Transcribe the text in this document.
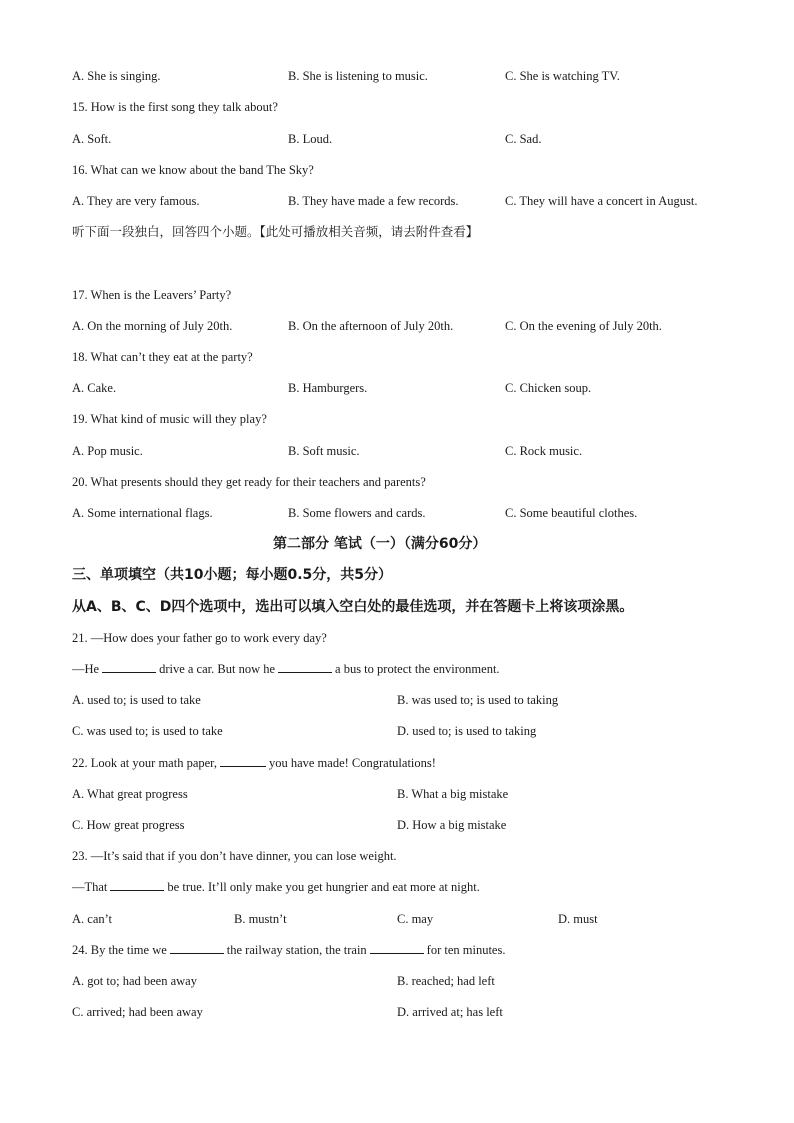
A. She is singing.	B. She is listening to music.	C. She is watching TV.
15. How is the first song they talk about?
A. Soft.	B. Loud.	C. Sad.
16. What can we know about the band The Sky?
A. They are very famous.	B. They have made a few records.	C. They will have a concert in August.
听下面一段独白，回答四个小题。【此处可播放相关音频，请去附件查看】
17. When is the Leavers’ Party?
A. On the morning of July 20th.	B. On the afternoon of July 20th.	C. On the evening of July 20th.
18. What can’t they eat at the party?
A. Cake.	B. Hamburgers.	C. Chicken soup.
19. What kind of music will they play?
A. Pop music.	B. Soft music.	C. Rock music.
20. What presents should they get ready for their teachers and parents?
A. Some international flags.	B. Some flowers and cards.	C. Some beautiful clothes.
第二部分 笔试（一）（满分60分）
三、单项填空（共10小题；每小题0.5分，共5分）
从A、B、C、D四个选项中，选出可以填入空白处的最佳选项，并在答题卡上将该项涂黑。
21. —How does your father go to work every day?
—He	drive a car. But now he	a bus to protect the environment.
A. used to; is used to take	B. was used to; is used to taking
C. was used to; is used to take	D. used to; is used to taking
22. Look at your math paper,	you have made! Congratulations!
A. What great progress	B. What a big mistake
C. How great progress	D. How a big mistake
23. —It’s said that if you don’t have dinner, you can lose weight.
—That	be true. It’ll only make you get hungrier and eat more at night.
A. can’t	B. mustn’t	C. may	D. must
24. By the time we	the railway station, the train	for ten minutes.
A. got to; had been away	B. reached; had left
C. arrived; had been away	D. arrived at; has left
